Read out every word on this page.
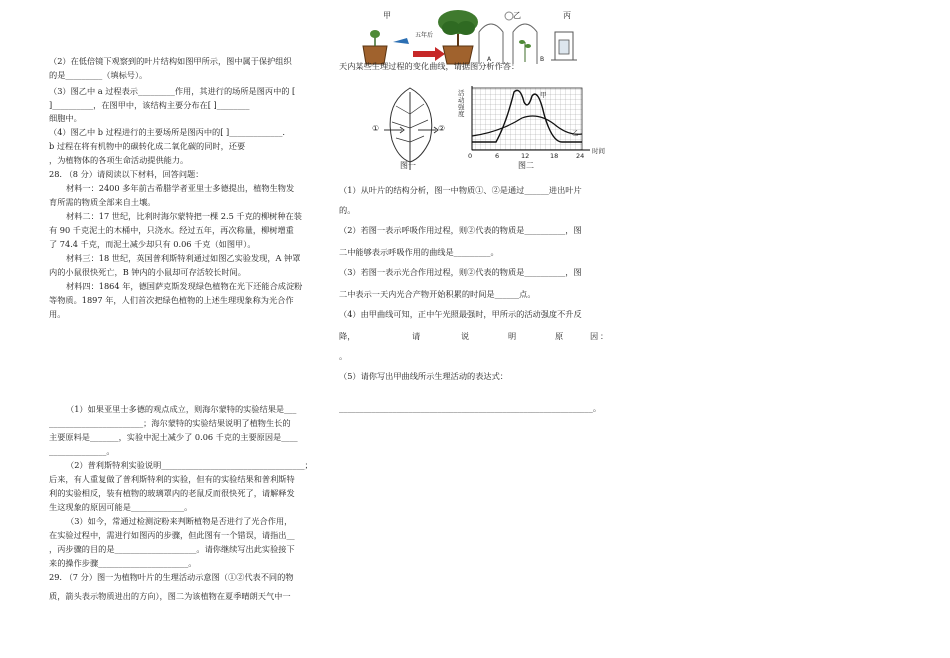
（2）在低倍镜下观察到的叶片结构如图甲所示，图中属于保护组织
的是_________（填标号）。
（3）图乙中 a 过程表示_________作用，其进行的场所是图丙中的 [
]__________，在图甲中，该结构主要分布在[ ]________
细胞中。
（4）图乙中 b 过程进行的主要场所是图丙中的[ ]_____________.
b 过程在将有机物中的碳转化成二氧化碳的同时，还要
，为植物体的各项生命活动提供能力。
28. （8 分）请阅读以下材料，回答问题：
材料一：2400 多年前古希腊学者亚里士多德提出，植物生物发
育所需的物质全部来自土壤。
材料二：17 世纪，比利时海尔蒙特把一棵 2.5 千克的柳树种在装
有 90 千克泥土的木桶中，只浇水。经过五年，再次称量，柳树增重
了 74.4 千克，而泥土减少却只有 0.06 千克（如图甲）。
材料三：18 世纪，英国普利斯特利通过如图乙实验发现，A 钟罩
内的小鼠很快死亡，B 钟内的小鼠却可存活较长时间。
材料四：1864 年，德国萨克斯发现绿色植物在光下还能合成淀粉
等物质。1897 年，人们首次把绿色植物的上述生理现象称为光合作
用。
（1）如果亚里士多德的观点成立，则海尔蒙特的实验结果是___
_______________________；海尔蒙特的实验结果说明了植物生长的
主要原料是_______，实验中泥土减少了 0.06 千克的主要原因是____
______________。
（2）普利斯特利实验说明___________________________________；
后来，有人重复做了普利斯特利的实验，但有的实验结果和普利斯特
利的实验相反，装有植物的玻璃罩内的老鼠反而很快死了，请解释发
生这现象的原因可能是_____________。
（3）如今，常通过检测淀粉来判断植物是否进行了光合作用，
在实验过程中，需进行如图丙的步骤，但此图有一个错误，请指出__
，丙步骤的目的是____________________。请你继续写出此实验接下
来的操作步骤______________________。
29. （7 分）图一为植物叶片的生理活动示意图（①②代表不同的物
质，箭头表示物质进出的方向），图二为该植物在夏季晴朗天气中一
甲	乙	丙
五年后
A	B
天内某些生理过程的变化曲线，请据图分析作答：
①	②
图一
活动强度
甲
乙
0	6	12	18	24
时间
图二
（1）从叶片的结构分析，图一中物质①、②是通过______进出叶片
的。
（2）若图一表示呼吸作用过程，则②代表的物质是__________，图
二中能够表示呼吸作用的曲线是_________。
（3）若图一表示光合作用过程，则②代表的物质是__________，图
二中表示一天内光合产物开始积累的时间是______点。
（4）由甲曲线可知，正中午光照最强时，甲所示的活动强度不升反
降，	请	说	明	原	因 ：
。
（5）请你写出甲曲线所示生理活动的表达式：
______________________________________________________________。
